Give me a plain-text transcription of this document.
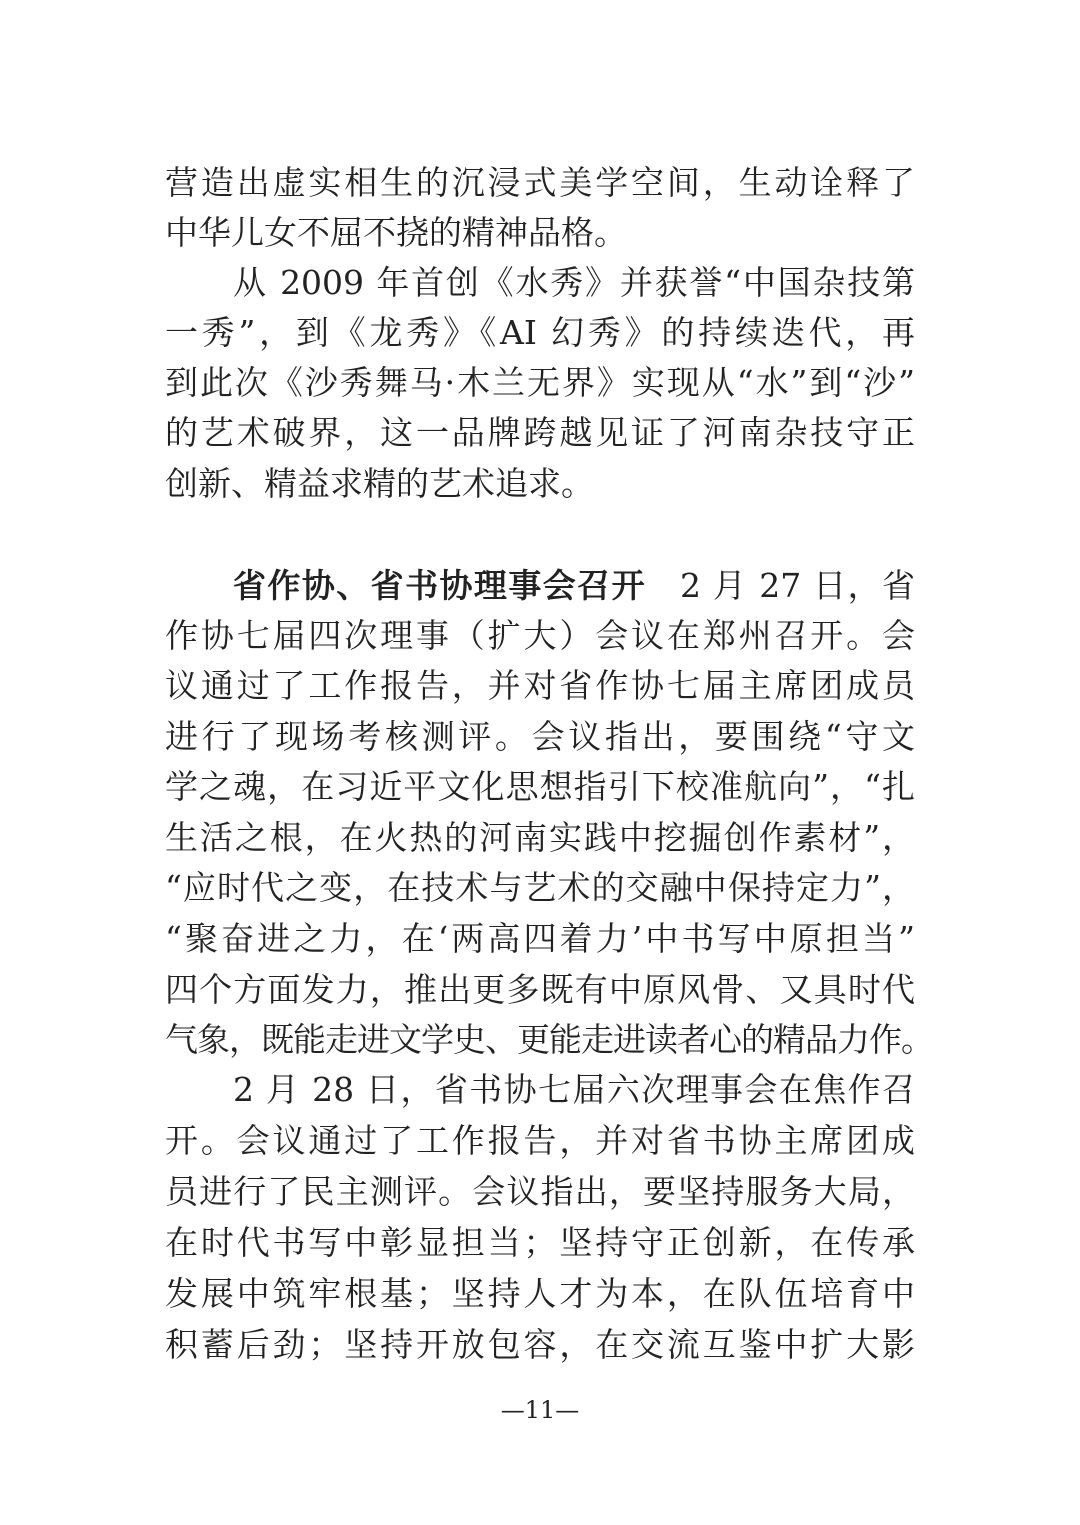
营造出虚实相生的沉浸式美学空间，生动诠释了
中华儿女不屈不挠的精神品格。
从 2009 年首创《水秀》并获誉“中国杂技第
一秀”，到《龙秀》《AI 幻秀》的持续迭代，再
到此次《沙秀舞马·木兰无界》实现从“水”到“沙”
的艺术破界，这一品牌跨越见证了河南杂技守正
创新、精益求精的艺术追求。
省作协、省书协理事会召开 2 月 27 日，省
作协七届四次理事（扩大）会议在郑州召开。会
议通过了工作报告，并对省作协七届主席团成员
进行了现场考核测评。会议指出，要围绕“守文
学之魂，在习近平文化思想指引下校准航向”，“扎
生活之根，在火热的河南实践中挖掘创作素材”，
“应时代之变，在技术与艺术的交融中保持定力”，
“聚奋进之力，在‘两高四着力’中书写中原担当”
四个方面发力，推出更多既有中原风骨、又具时代
气象，既能走进文学史、更能走进读者心的精品力作。
2 月 28 日，省书协七届六次理事会在焦作召
开。会议通过了工作报告，并对省书协主席团成
员进行了民主测评。会议指出，要坚持服务大局，
在时代书写中彰显担当；坚持守正创新，在传承
发展中筑牢根基；坚持人才为本，在队伍培育中
积蓄后劲；坚持开放包容，在交流互鉴中扩大影
—11—
